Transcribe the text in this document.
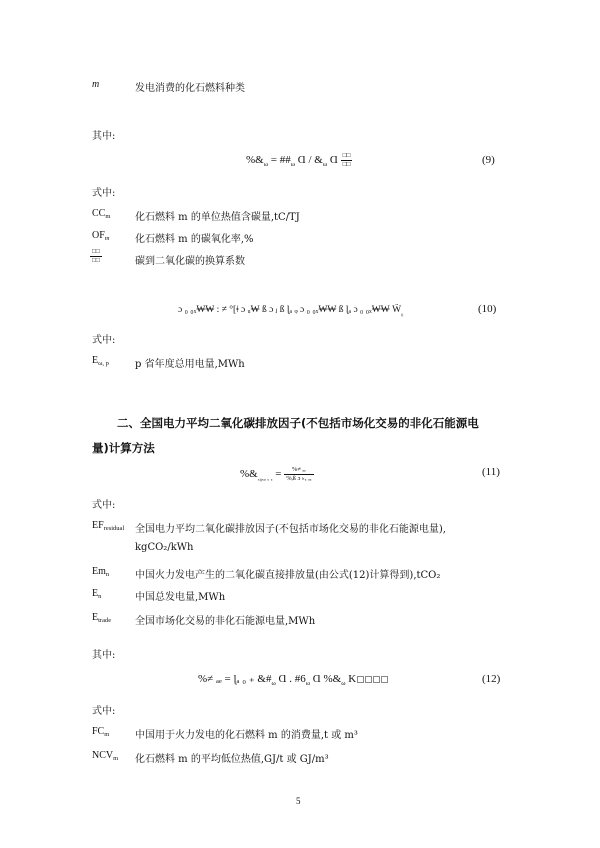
m	发电消费的化石燃料种类
其中:
$\%\&_\omega$ = $\#\#_\omega$ Ɑ / $\&_\omega$ Ɑ $\frac{□□}{□□}$	(9)
式中:
$CC_m$ 化石燃料 m 的单位热值含碳量,tC/TJ
$OF_m$	化石燃料 m 的碳氧化率,%
$\frac{□□}{□□}$	碳到二氧化碳的换算系数
ɔ ₀ ₀ₓ₩₩ : ≠ °[ǂ ɔ ᵤ₩ ß ɔ ⱼ ß ɭₐ ᵩ ɔ ₀ ₀ₓ₩₩ ß ɭₐ ɔ ₀ ₀ₓ₩₩ Ẅ$_{_0}$	(10)
式中:
$E_{\omega, p}$	p 省年度总用电量,MWh
二、全国电力平均二氧化碳排放因子(不包括市场化交易的非化石能源电
量)计算方法
$\%\&_{_{x0x}ᵤ _e _e} = \frac{\text{\%≠ ₐₑ}}{\text{\%ᵢß ɔ ₖₑ ₐₑ}}$	(11)
式中:
$EF_{residual}$ 全国电力平均二氧化碳排放因子(不包括市场化交易的非化石能源电量),
kgCO₂/kWh
$Em_n$	中国火力发电产生的二氧化碳直接排放量(由公式(12)计算得到),tCO₂
$E_n$	中国总发电量,MWh
$E_{trade}$ 全国市场化交易的非化石能源电量,MWh
其中:
%≠ ₐₑ = ɭₐ ₀ ₊ $\&\#_\omega$ Ɑ . $\#6_\omega$ Ɑ $\%\&_\omega$ K	(12)
式中:
$FC_m$	中国用于火力发电的化石燃料 m 的消费量,t 或 m³
$NCV_m$ 化石燃料 m 的平均低位热值,GJ/t 或 GJ/m³
5
